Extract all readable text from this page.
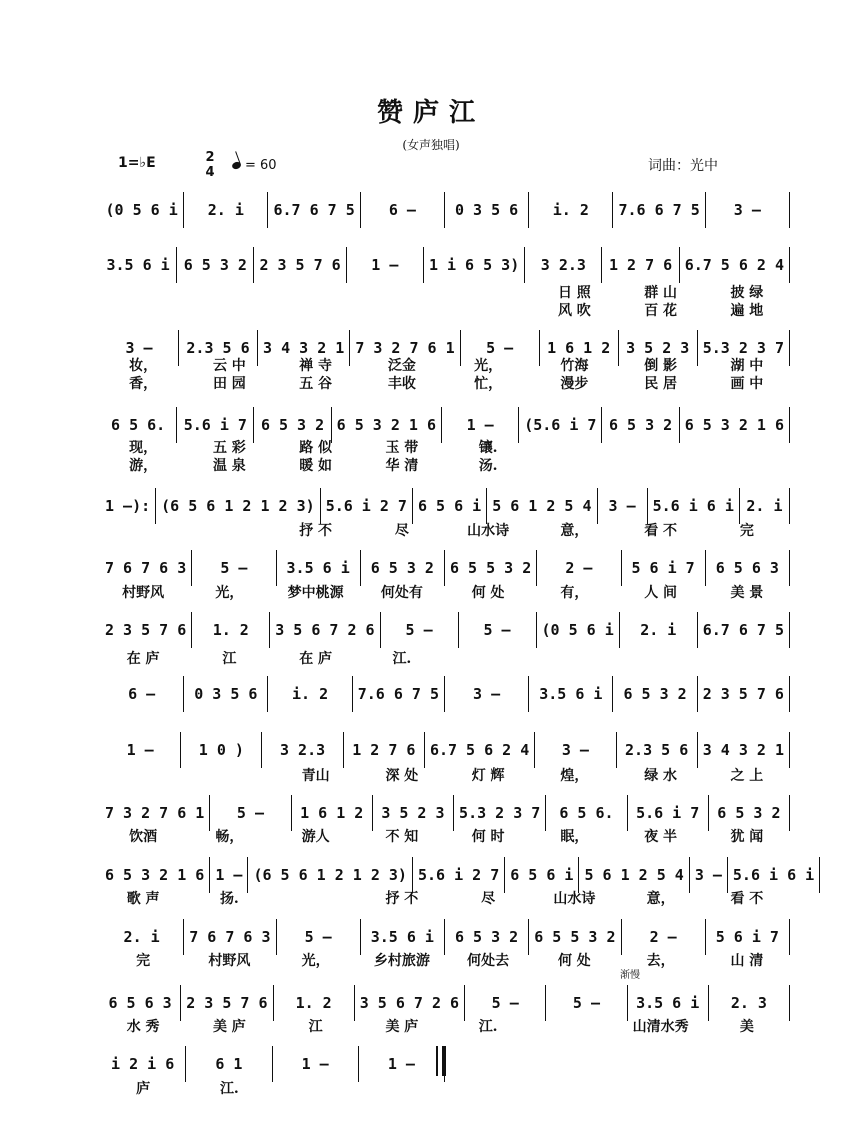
赞庐江
(女声独唱)
1=♭E	2
4	= 60	词曲：光中
渐慢
(0 5 6 i 2. i 6.7 6 7 5 6 –	0 3 5 6 i. 2 7.6 6 7 5 3 –
3.5 6 i 6 5 3 2 2 3 5 7 6 1 – 1 i 6 5 3) 3 2.3 1 2 7 6 6.7 5 6 2 4
日 照	群 山	披 绿
风 吹	百 花	遍 地
3 – 2.3 5 6 3 4 3 2 1 7 3 2 7 6 1 5 – 1 6 1 2 3 5 2 3 5.3 2 3 7
妆，	云 中	禅 寺	泛金	光，	竹海	倒 影	湖 中
香，	田 园	五 谷	丰收	忙，	漫步	民 居	画 中
6 5 6. 5.6 i 7 6 5 3 2 6 5 3 2 1 6 1 – (5.6 i 7 6 5 3 2 6 5 3 2 1 6
现，	五 彩	路 似	玉 带	镶.
游，	温 泉	暖 如	华 清	汤.
1 –): (6 5 6 1 2 1 2 3) 5.6 i 2 7 6 5 6 i 5 6 1 2 5 4 3 – 5.6 i 6 i 2. i
抒 不	尽	山水诗	意，	看 不	完
7 6 7 6 3 5 –	3.5 6 i 6 5 3 2 6 5 5 3 2 2 –	5 6 i 7 6 5 6 3
村野风	光，	梦中桃源	何处有	何 处	有，	人 间	美 景
2 3 5 7 6 1. 2 3 5 6 7 2 6 5 –	5 – (0 5 6 i 2. i 6.7 6 7 5
在 庐	江	在 庐	江.
6 –	0 3 5 6 i. 2 7.6 6 7 5 3 –	3.5 6 i 6 5 3 2 2 3 5 7 6
1 –	1 0 ) 3 2.3 1 2 7 6 6.7 5 6 2 4 3 – 2.3 5 6 3 4 3 2 1
青山	深 处	灯 辉	煌，	绿 水	之 上
7 3 2 7 6 1 5 – 1 6 1 2 3 5 2 3 5.3 2 3 7 6 5 6. 5.6 i 7 6 5 3 2
饮酒	畅，	游人	不 知	何 时	眠，	夜 半	犹 闻
6 5 3 2 1 6 1 – (6 5 6 1 2 1 2 3) 5.6 i 2 7 6 5 6 i 5 6 1 2 5 4 3 – 5.6 i 6 i
歌 声	扬.	抒 不	尽	山水诗	意，	看 不
2. i 7 6 7 6 3 5 –	3.5 6 i 6 5 3 2 6 5 5 3 2 2 –	5 6 i 7
完	村野风	光，	乡村旅游	何处去	何 处	去，	山 清
6 5 6 3 2 3 5 7 6 1. 2 3 5 6 7 2 6 5 –	5 – 3.5 6 i 2. 3
水 秀	美 庐	江	美 庐	江.	山清水秀	美
i 2 i 6	6 1	1 –	1 –
庐	江.
